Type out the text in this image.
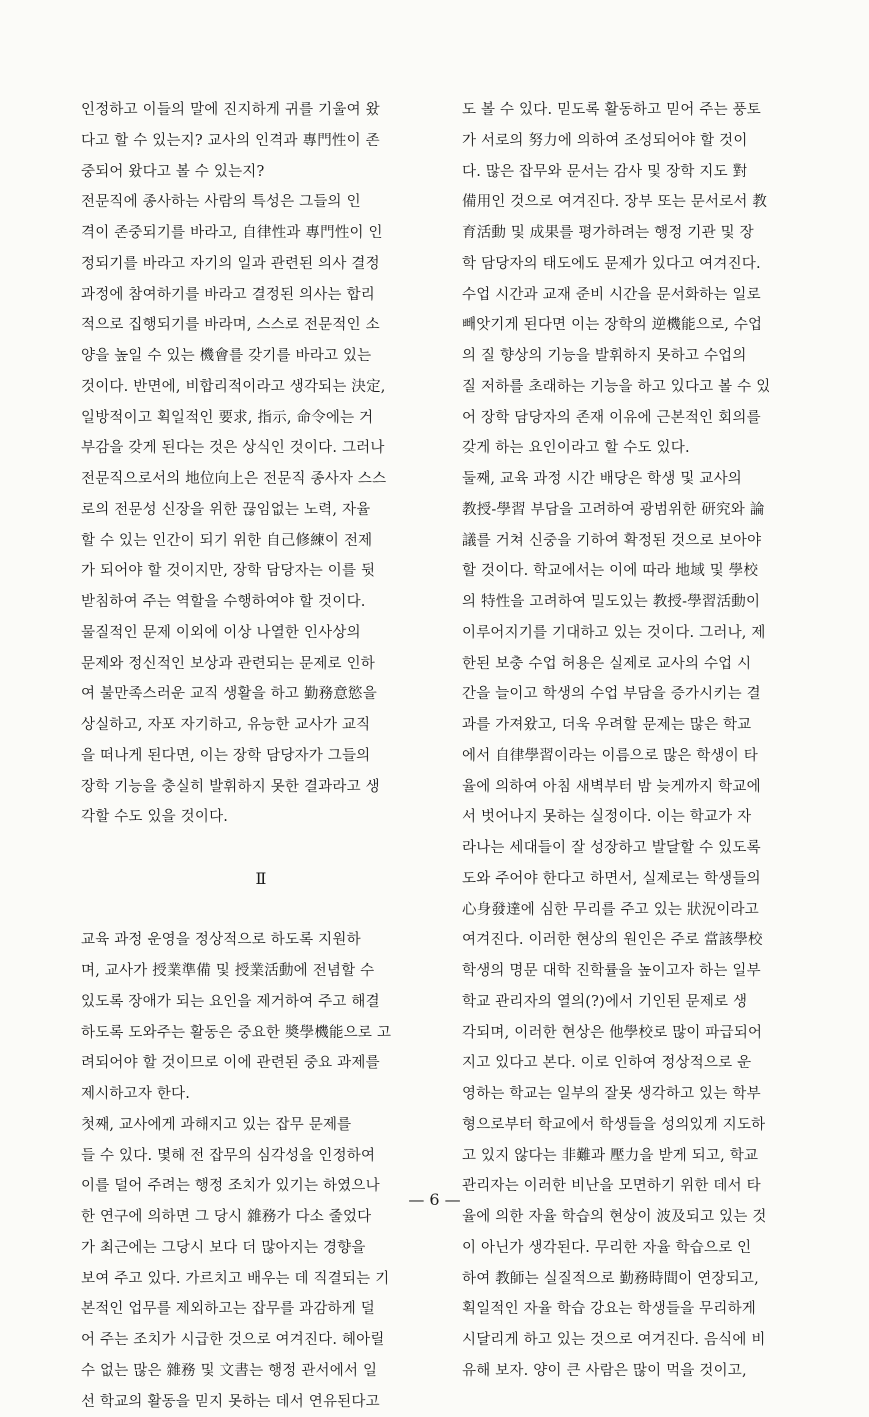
인정하고 이들의 말에 진지하게 귀를 기울여 왔
다고 할 수 있는지? 교사의 인격과 專門性이 존
중되어 왔다고 볼 수 있는지?
전문직에 종사하는 사람의 특성은 그들의 인
격이 존중되기를 바라고, 自律性과 專門性이 인
정되기를 바라고 자기의 일과 관련된 의사 결정
과정에 참여하기를 바라고 결정된 의사는 합리
적으로 집행되기를 바라며, 스스로 전문적인 소
양을 높일 수 있는 機會를 갖기를 바라고 있는
것이다. 반면에, 비합리적이라고 생각되는 決定,
일방적이고 획일적인 要求, 指示, 命令에는 거
부감을 갖게 된다는 것은 상식인 것이다. 그러나
전문직으로서의 地位向上은 전문직 종사자 스스
로의 전문성 신장을 위한 끊임없는 노력, 자율
할 수 있는 인간이 되기 위한 自己修練이 전제
가 되어야 할 것이지만, 장학 담당자는 이를 뒷
받침하여 주는 역할을 수행하여야 할 것이다.
물질적인 문제 이외에 이상 나열한 인사상의
문제와 정신적인 보상과 관련되는 문제로 인하
여 불만족스러운 교직 생활을 하고 勤務意慾을
상실하고, 자포 자기하고, 유능한 교사가 교직
을 떠나게 된다면, 이는 장학 담당자가 그들의
장학 기능을 충실히 발휘하지 못한 결과라고 생
각할 수도 있을 것이다.
Ⅱ
교육 과정 운영을 정상적으로 하도록 지원하
며, 교사가 授業準備 및 授業活動에 전념할 수
있도록 장애가 되는 요인을 제거하여 주고 해결
하도록 도와주는 활동은 중요한 奬學機能으로 고
려되어야 할 것이므로 이에 관련된 중요 과제를
제시하고자 한다.
첫째, 교사에게 과해지고 있는 잡무 문제를
들 수 있다. 몇해 전 잡무의 심각성을 인정하여
이를 덜어 주려는 행정 조치가 있기는 하였으나
한 연구에 의하면 그 당시 雜務가 다소 줄었다
가 최근에는 그당시 보다 더 많아지는 경향을
보여 주고 있다. 가르치고 배우는 데 직결되는 기
본적인 업무를 제외하고는 잡무를 과감하게 덜
어 주는 조치가 시급한 것으로 여겨진다. 헤아릴
수 없는 많은 雜務 및 文書는 행정 관서에서 일
선 학교의 활동을 믿지 못하는 데서 연유된다고
도 볼 수 있다. 믿도록 활동하고 믿어 주는 풍토
가 서로의 努力에 의하여 조성되어야 할 것이
다. 많은 잡무와 문서는 감사 및 장학 지도 對
備用인 것으로 여겨진다. 장부 또는 문서로서 教
育活動 및 成果를 평가하려는 행정 기관 및 장
학 담당자의 태도에도 문제가 있다고 여겨진다.
수업 시간과 교재 준비 시간을 문서화하는 일로
빼앗기게 된다면 이는 장학의 逆機能으로, 수업
의 질 향상의 기능을 발휘하지 못하고 수업의
질 저하를 초래하는 기능을 하고 있다고 볼 수 있
어 장학 담당자의 존재 이유에 근본적인 회의를
갖게 하는 요인이라고 할 수도 있다.
둘째, 교육 과정 시간 배당은 학생 및 교사의
教授-學習 부담을 고려하여 광범위한 研究와 論
議를 거쳐 신중을 기하여 확정된 것으로 보아야
할 것이다. 학교에서는 이에 따라 地域 및 學校
의 特性을 고려하여 밀도있는 教授-學習活動이
이루어지기를 기대하고 있는 것이다. 그러나, 제
한된 보충 수업 허용은 실제로 교사의 수업 시
간을 늘이고 학생의 수업 부담을 증가시키는 결
과를 가져왔고, 더욱 우려할 문제는 많은 학교
에서 自律學習이라는 이름으로 많은 학생이 타
율에 의하여 아침 새벽부터 밤 늦게까지 학교에
서 벗어나지 못하는 실정이다. 이는 학교가 자
라나는 세대들이 잘 성장하고 발달할 수 있도록
도와 주어야 한다고 하면서, 실제로는 학생들의
心身發達에 심한 무리를 주고 있는 狀況이라고
여겨진다. 이러한 현상의 원인은 주로 當該學校
학생의 명문 대학 진학률을 높이고자 하는 일부
학교 관리자의 열의(?)에서 기인된 문제로 생
각되며, 이러한 현상은 他學校로 많이 파급되어
지고 있다고 본다. 이로 인하여 정상적으로 운
영하는 학교는 일부의 잘못 생각하고 있는 학부
형으로부터 학교에서 학생들을 성의있게 지도하
고 있지 않다는 非難과 壓力을 받게 되고, 학교
관리자는 이러한 비난을 모면하기 위한 데서 타
율에 의한 자율 학습의 현상이 波及되고 있는 것
이 아닌가 생각된다. 무리한 자율 학습으로 인
하여 教師는 실질적으로 勤務時間이 연장되고,
획일적인 자율 학습 강요는 학생들을 무리하게
시달리게 하고 있는 것으로 여겨진다. 음식에 비
유해 보자. 양이 큰 사람은 많이 먹을 것이고,
— 6 —
